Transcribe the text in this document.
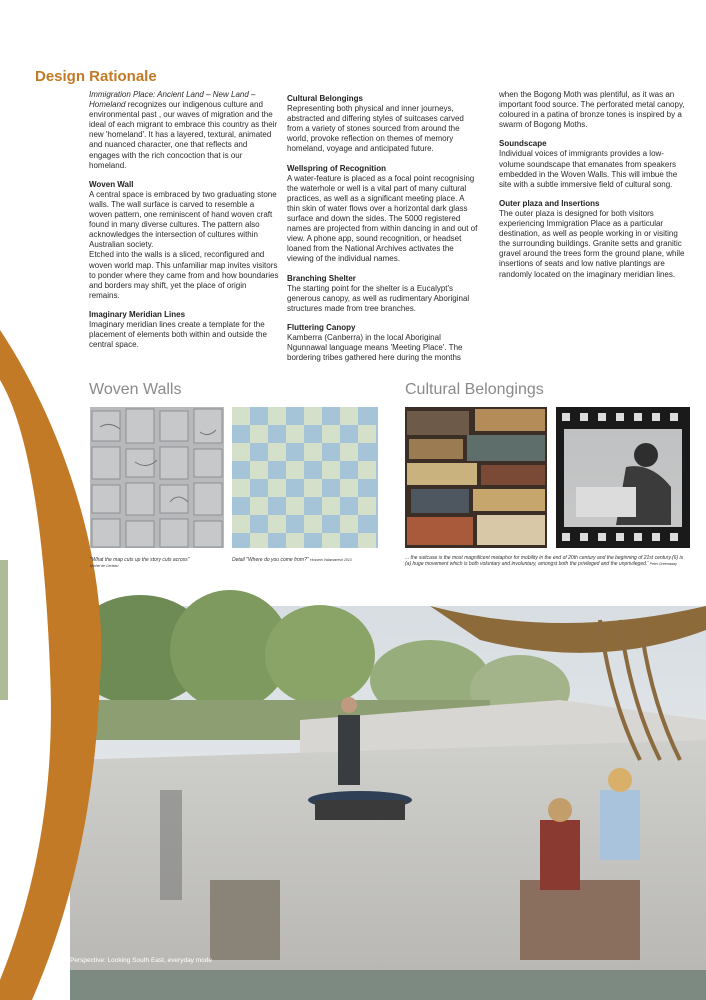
Design Rationale

Immigration Place: Ancient Land – New Land – Homeland recognizes our indigenous culture and environmental past , our waves of migration and the ideal of each migrant to embrace this country as their new 'homeland'. It has a layered, textural, animated and nuanced character, one that reflects and engages with the rich concoction that is our homeland.

Woven Wall

A central space is embraced by two graduating stone walls. The wall surface is carved to resemble a woven pattern, one reminiscent of hand woven craft found in many diverse cultures. The pattern also acknowledges the intersection of cultures within Australian society.

Etched into the walls is a sliced, reconfigured and woven world map. This unfamiliar map invites visitors to ponder where they came from and how boundaries and borders may shift, yet the place of origin remains.

Imaginary Meridian Lines

Imaginary meridian lines create a template for the placement of elements both within and outside the central space.

Cultural Belongings

Representing both physical and inner journeys, abstracted and differing styles of suitcases carved from a variety of stones sourced from around the world, provoke reflection on themes of memory homeland, voyage and anticipated future.

Wellspring of Recognition

A water-feature is placed as a focal point recognising the waterhole or well is a vital part of many cultural practices, as well as a significant meeting place. A thin skin of water flows over a horizontal dark glass surface and down the sides. The 5000 registered names are projected from within dancing in and out of view. A phone app, sound recognition, or headset loaned from the National Archives activates the viewing of the individual names.

Branching Shelter

The starting point for the shelter is a Eucalypt's generous canopy, as well as rudimentary Aboriginal structures made from tree branches.

Fluttering Canopy

Kamberra (Canberra) in the local Aboriginal Ngunnawal language means 'Meeting Place'. The bordering tribes gathered here during the months

when the Bogong Moth was plentiful, as it was an important food source. The perforated metal canopy, coloured in a patina of bronze tones is inspired by a swarm of Bogong Moths.

Soundscape

Individual voices of immigrants provides a low-volume soundscape that emanates from speakers embedded in the Woven Walls. This will imbue the site with a subtle immersive field of cultural song.

Outer plaza and Insertions

The outer plaza is designed for both visitors experiencing Immigration Place as a particular destination, as well as people working in or visiting the surrounding buildings. Granite setts and granitic gravel around the trees form the ground plane, while insertions of seats and low native plantings are randomly located on the imaginary meridian lines.

Woven Walls	Cultural Belongings
"What the map cuts up the story cuts across"
Michel de Certeau
Detail "Where do you come from?" Hossein Valamanesh 2013	... the suitcase is the most magnificent metaphor for mobility in the end of 20th century and the beginning of 21st century.(6) is (a) huge movement which is both voluntary and involuntary, amongst both the privileged and the unprivileged.' Peter Greenaway
Perspective: Looking South East, everyday mode
